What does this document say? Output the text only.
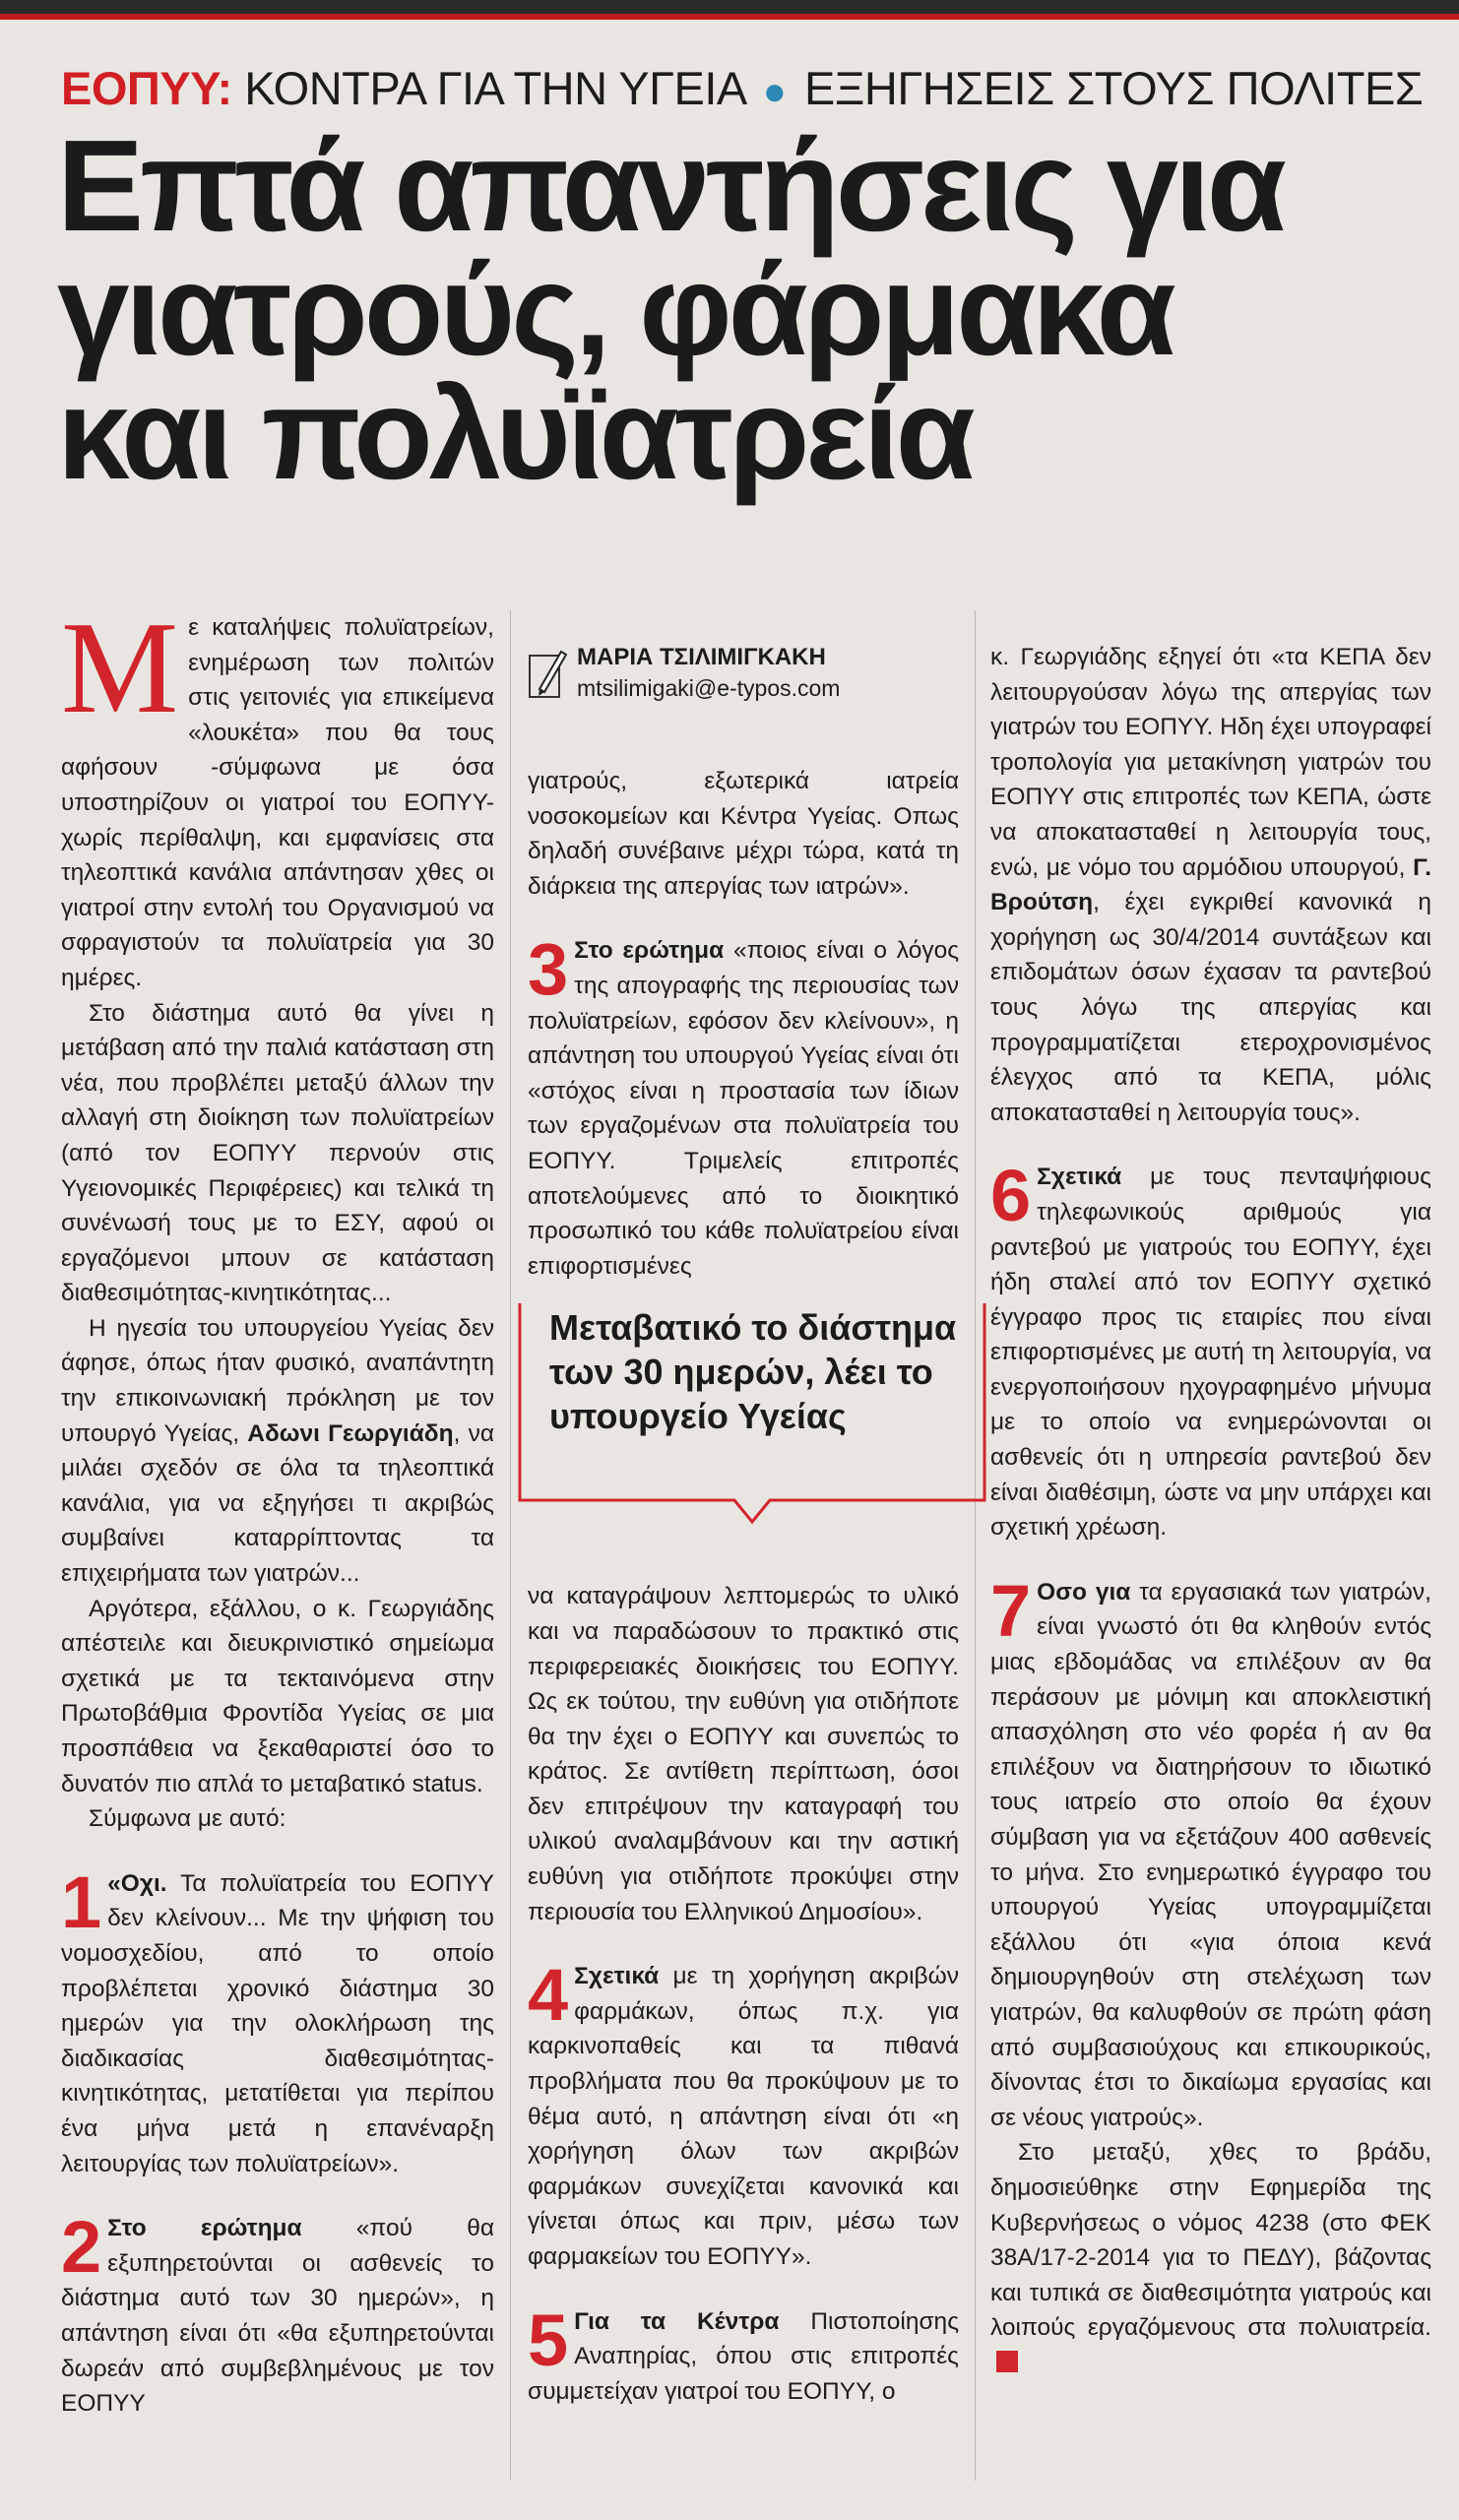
ΕΟΠΥΥ: ΚΟΝΤΡΑ ΓΙΑ ΤΗΝ ΥΓΕΙΑ ● ΕΞΗΓΗΣΕΙΣ ΣΤΟΥΣ ΠΟΛΙΤΕΣ
Επτά απαντήσεις για
γιατρούς, φάρμακα
και πολυϊατρεία

Με καταλήψεις πολυϊατρείων, ενημέρωση των πολιτών στις γειτονιές για επικείμενα «λουκέτα» που θα τους αφήσουν -σύμφωνα με όσα υποστηρίζουν οι γιατροί του ΕΟΠΥΥ- χωρίς περίθαλψη, και εμφανίσεις στα τηλεοπτικά κανάλια απάντησαν χθες οι γιατροί στην εντολή του Οργανισμού να σφραγιστούν τα πολυϊατρεία για 30 ημέρες.

Στο διάστημα αυτό θα γίνει η μετάβαση από την παλιά κατάσταση στη νέα, που προβλέπει μεταξύ άλλων την αλλαγή στη διοίκηση των πολυϊατρείων (από τον ΕΟΠΥΥ περνούν στις Υγειονομικές Περιφέρειες) και τελικά τη συνένωσή τους με το ΕΣΥ, αφού οι εργαζόμενοι μπουν σε κατάσταση διαθεσιμότητας-κινητικότητας...

Η ηγεσία του υπουργείου Υγείας δεν άφησε, όπως ήταν φυσικό, αναπάντητη την επικοινωνιακή πρόκληση με τον υπουργό Υγείας, Αδωνι Γεωργιάδη, να μιλάει σχεδόν σε όλα τα τηλεοπτικά κανάλια, για να εξηγήσει τι ακριβώς συμβαίνει καταρρίπτοντας τα επιχειρήματα των γιατρών...

Αργότερα, εξάλλου, ο κ. Γεωργιάδης απέστειλε και διευκρινιστικό σημείωμα σχετικά με τα τεκταινόμενα στην Πρωτοβάθμια Φροντίδα Υγείας σε μια προσπάθεια να ξεκαθαριστεί όσο το δυνατόν πιο απλά το μεταβατικό status.

Σύμφωνα με αυτό:

1 «Οχι. Τα πολυϊατρεία του ΕΟΠΥΥ δεν κλείνουν... Με την ψήφιση του νομοσχεδίου, από το οποίο προβλέπεται χρονικό διάστημα 30 ημερών για την ολοκλήρωση της διαδικασίας διαθεσιμότητας-κινητικότητας, μετατίθεται για περίπου ένα μήνα μετά η επανέναρξη λειτουργίας των πολυϊατρείων».

2 Στο ερώτημα «πού θα εξυπηρετούνται οι ασθενείς το διάστημα αυτό των 30 ημερών», η απάντηση είναι ότι «θα εξυπηρετούνται δωρεάν από συμβεβλημένους με τον ΕΟΠΥΥ

ΜΑΡΙΑ ΤΣΙΛΙΜΙΓΚΑΚΗ
mtsilimigaki@e-typos.com

γιατρούς, εξωτερικά ιατρεία νοσοκομείων και Κέντρα Υγείας. Οπως δηλαδή συνέβαινε μέχρι τώρα, κατά τη διάρκεια της απεργίας των ιατρών».

3 Στο ερώτημα «ποιος είναι ο λόγος της απογραφής της περιουσίας των πολυϊατρείων, εφόσον δεν κλείνουν», η απάντηση του υπουργού Υγείας είναι ότι «στόχος είναι η προστασία των ίδιων των εργαζομένων στα πολυϊατρεία του ΕΟΠΥΥ. Τριμελείς επιτροπές αποτελούμενες από το διοικητικό προσωπικό του κάθε πολυϊατρείου είναι επιφορτισμένες

να καταγράψουν λεπτομερώς το υλικό και να παραδώσουν το πρακτικό στις περιφερειακές διοικήσεις του ΕΟΠΥΥ. Ως εκ τούτου, την ευθύνη για οτιδήποτε θα την έχει ο ΕΟΠΥΥ και συνεπώς το κράτος. Σε αντίθετη περίπτωση, όσοι δεν επιτρέψουν την καταγραφή του υλικού αναλαμβάνουν και την αστική ευθύνη για οτιδήποτε προκύψει στην περιουσία του Ελληνικού Δημοσίου».

4 Σχετικά με τη χορήγηση ακριβών φαρμάκων, όπως π.χ. για καρκινοπαθείς και τα πιθανά προβλήματα που θα προκύψουν με το θέμα αυτό, η απάντηση είναι ότι «η χορήγηση όλων των ακριβών φαρμάκων συνεχίζεται κανονικά και γίνεται όπως και πριν, μέσω των φαρμακείων του ΕΟΠΥΥ».

5 Για τα Κέντρα Πιστοποίησης Αναπηρίας, όπου στις επιτροπές συμμετείχαν γιατροί του ΕΟΠΥΥ, ο

Μεταβατικό το διάστημα των 30 ημερών, λέει το υπουργείο Υγείας

κ. Γεωργιάδης εξηγεί ότι «τα ΚΕΠΑ δεν λειτουργούσαν λόγω της απεργίας των γιατρών του ΕΟΠΥΥ. Ηδη έχει υπογραφεί τροπολογία για μετακίνηση γιατρών του ΕΟΠΥΥ στις επιτροπές των ΚΕΠΑ, ώστε να αποκατασταθεί η λειτουργία τους, ενώ, με νόμο του αρμόδιου υπουργού, Γ. Βρούτση, έχει εγκριθεί κανονικά η χορήγηση ως 30/4/2014 συντάξεων και επιδομάτων όσων έχασαν τα ραντεβού τους λόγω της απεργίας και προγραμματίζεται ετεροχρονισμένος έλεγχος από τα ΚΕΠΑ, μόλις αποκατασταθεί η λειτουργία τους».

6 Σχετικά με τους πενταψήφιους τηλεφωνικούς αριθμούς για ραντεβού με γιατρούς του ΕΟΠΥΥ, έχει ήδη σταλεί από τον ΕΟΠΥΥ σχετικό έγγραφο προς τις εταιρίες που είναι επιφορτισμένες με αυτή τη λειτουργία, να ενεργοποιήσουν ηχογραφημένο μήνυμα με το οποίο να ενημερώνονται οι ασθενείς ότι η υπηρεσία ραντεβού δεν είναι διαθέσιμη, ώστε να μην υπάρχει και σχετική χρέωση.

7 Οσο για τα εργασιακά των γιατρών, είναι γνωστό ότι θα κληθούν εντός μιας εβδομάδας να επιλέξουν αν θα περάσουν με μόνιμη και αποκλειστική απασχόληση στο νέο φορέα ή αν θα επιλέξουν να διατηρήσουν το ιδιωτικό τους ιατρείο στο οποίο θα έχουν σύμβαση για να εξετάζουν 400 ασθενείς το μήνα. Στο ενημερωτικό έγγραφο του υπουργού Υγείας υπογραμμίζεται εξάλλου ότι «για όποια κενά δημιουργηθούν στη στελέχωση των γιατρών, θα καλυφθούν σε πρώτη φάση από συμβασιούχους και επικουρικούς, δίνοντας έτσι το δικαίωμα εργασίας και σε νέους γιατρούς».

Στο μεταξύ, χθες το βράδυ, δημοσιεύθηκε στην Εφημερίδα της Κυβερνήσεως ο νόμος 4238 (στο ΦΕΚ 38Α/17-2-2014 για το ΠΕΔΥ), βάζοντας και τυπικά σε διαθεσιμότητα γιατρούς και λοιπούς εργαζόμενους στα πολυιατρεία.
